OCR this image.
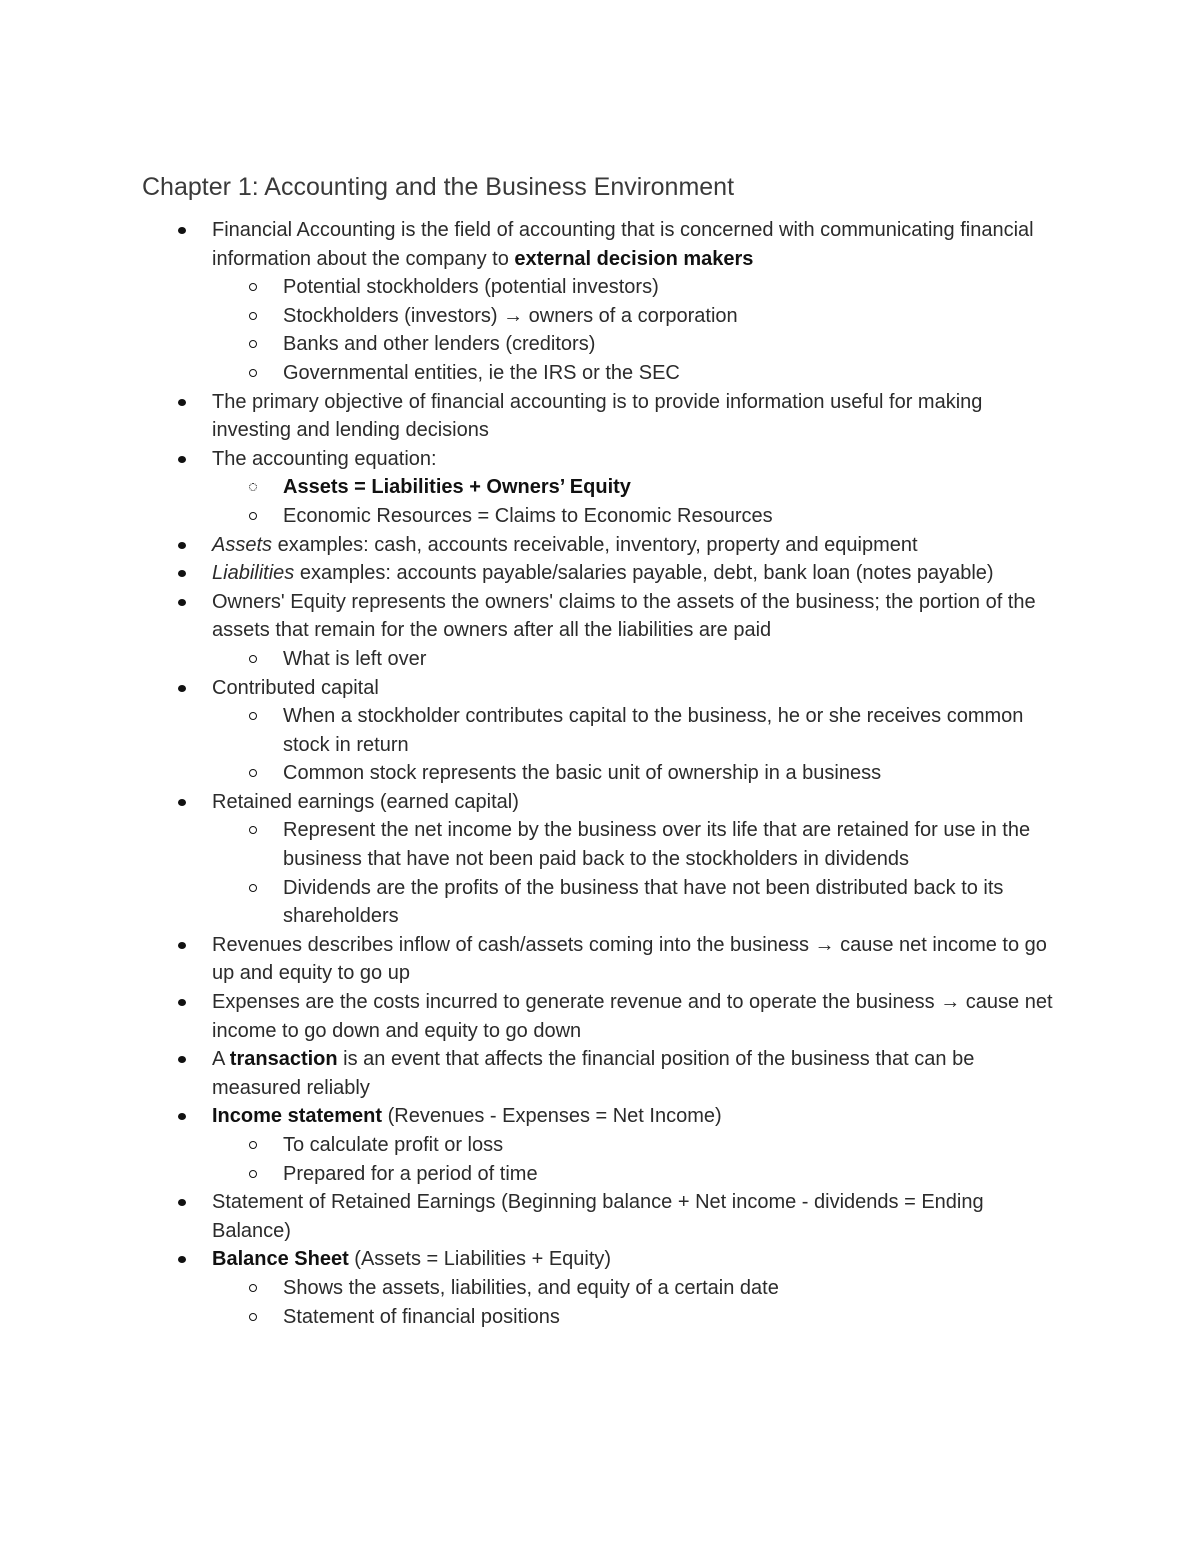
Chapter 1: Accounting and the Business Environment
Financial Accounting is the field of accounting that is concerned with communicating financial information about the company to external decision makers
Potential stockholders (potential investors)
Stockholders (investors) → owners of a corporation
Banks and other lenders (creditors)
Governmental entities, ie the IRS or the SEC
The primary objective of financial accounting is to provide information useful for making investing and lending decisions
The accounting equation:
Assets = Liabilities + Owners’ Equity
Economic Resources = Claims to Economic Resources
Assets examples: cash, accounts receivable, inventory, property and equipment
Liabilities examples: accounts payable/salaries payable, debt, bank loan (notes payable)
Owners' Equity represents the owners' claims to the assets of the business; the portion of the assets that remain for the owners after all the liabilities are paid
What is left over
Contributed capital
When a stockholder contributes capital to the business, he or she receives common stock in return
Common stock represents the basic unit of ownership in a business
Retained earnings (earned capital)
Represent the net income by the business over its life that are retained for use in the business that have not been paid back to the stockholders in dividends
Dividends are the profits of the business that have not been distributed back to its shareholders
Revenues describes inflow of cash/assets coming into the business → cause net income to go up and equity to go up
Expenses are the costs incurred to generate revenue and to operate the business → cause net income to go down and equity to go down
A transaction is an event that affects the financial position of the business that can be measured reliably
Income statement (Revenues - Expenses = Net Income)
To calculate profit or loss
Prepared for a period of time
Statement of Retained Earnings (Beginning balance + Net income - dividends = Ending Balance)
Balance Sheet (Assets = Liabilities + Equity)
Shows the assets, liabilities, and equity of a certain date
Statement of financial positions
